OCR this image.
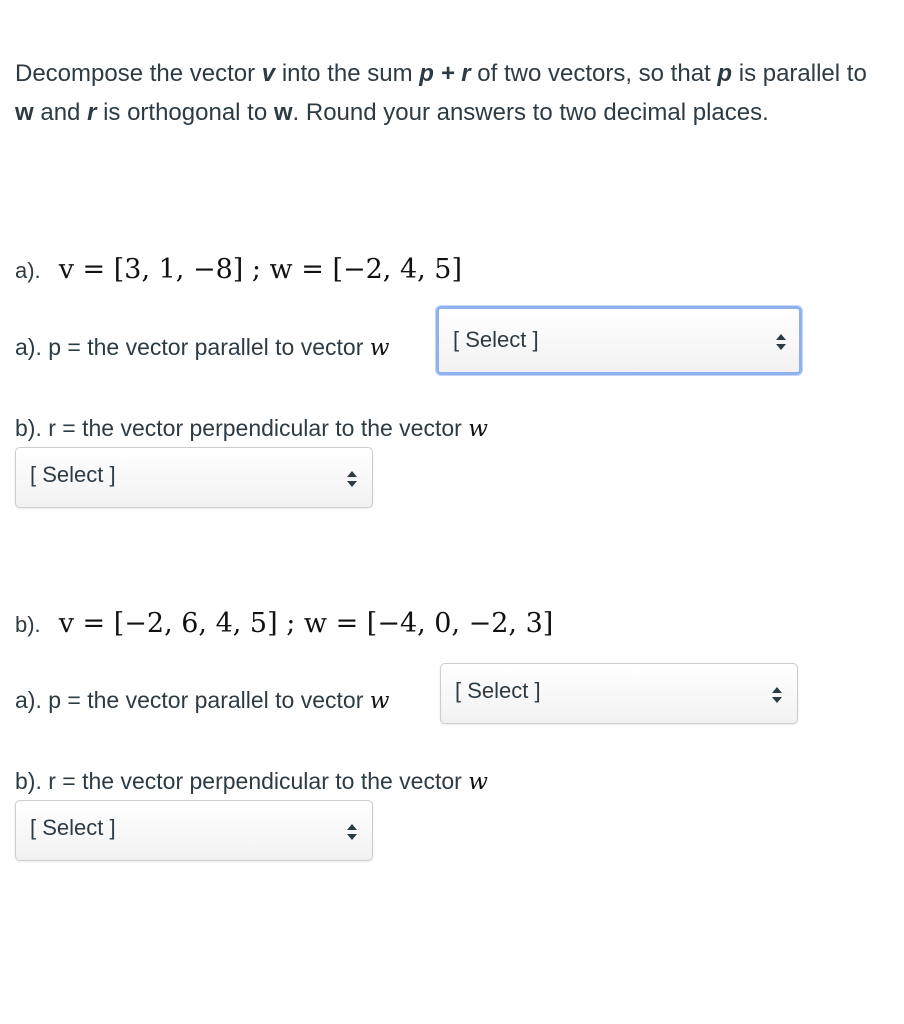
Decompose the vector v into the sum p + r of two vectors, so that p is parallel to w and r is orthogonal to w. Round your answers to two decimal places.
a). v = [3, 1, −8] ; w = [−2, 4, 5]
a). p = the vector parallel to vector w	[ Select ]
b). r = the vector perpendicular to the vector w
[ Select ]
b). v = [−2, 6, 4, 5] ; w = [−4, 0, −2, 3]
a). p = the vector parallel to vector w	[ Select ]
b). r = the vector perpendicular to the vector w
[ Select ]
